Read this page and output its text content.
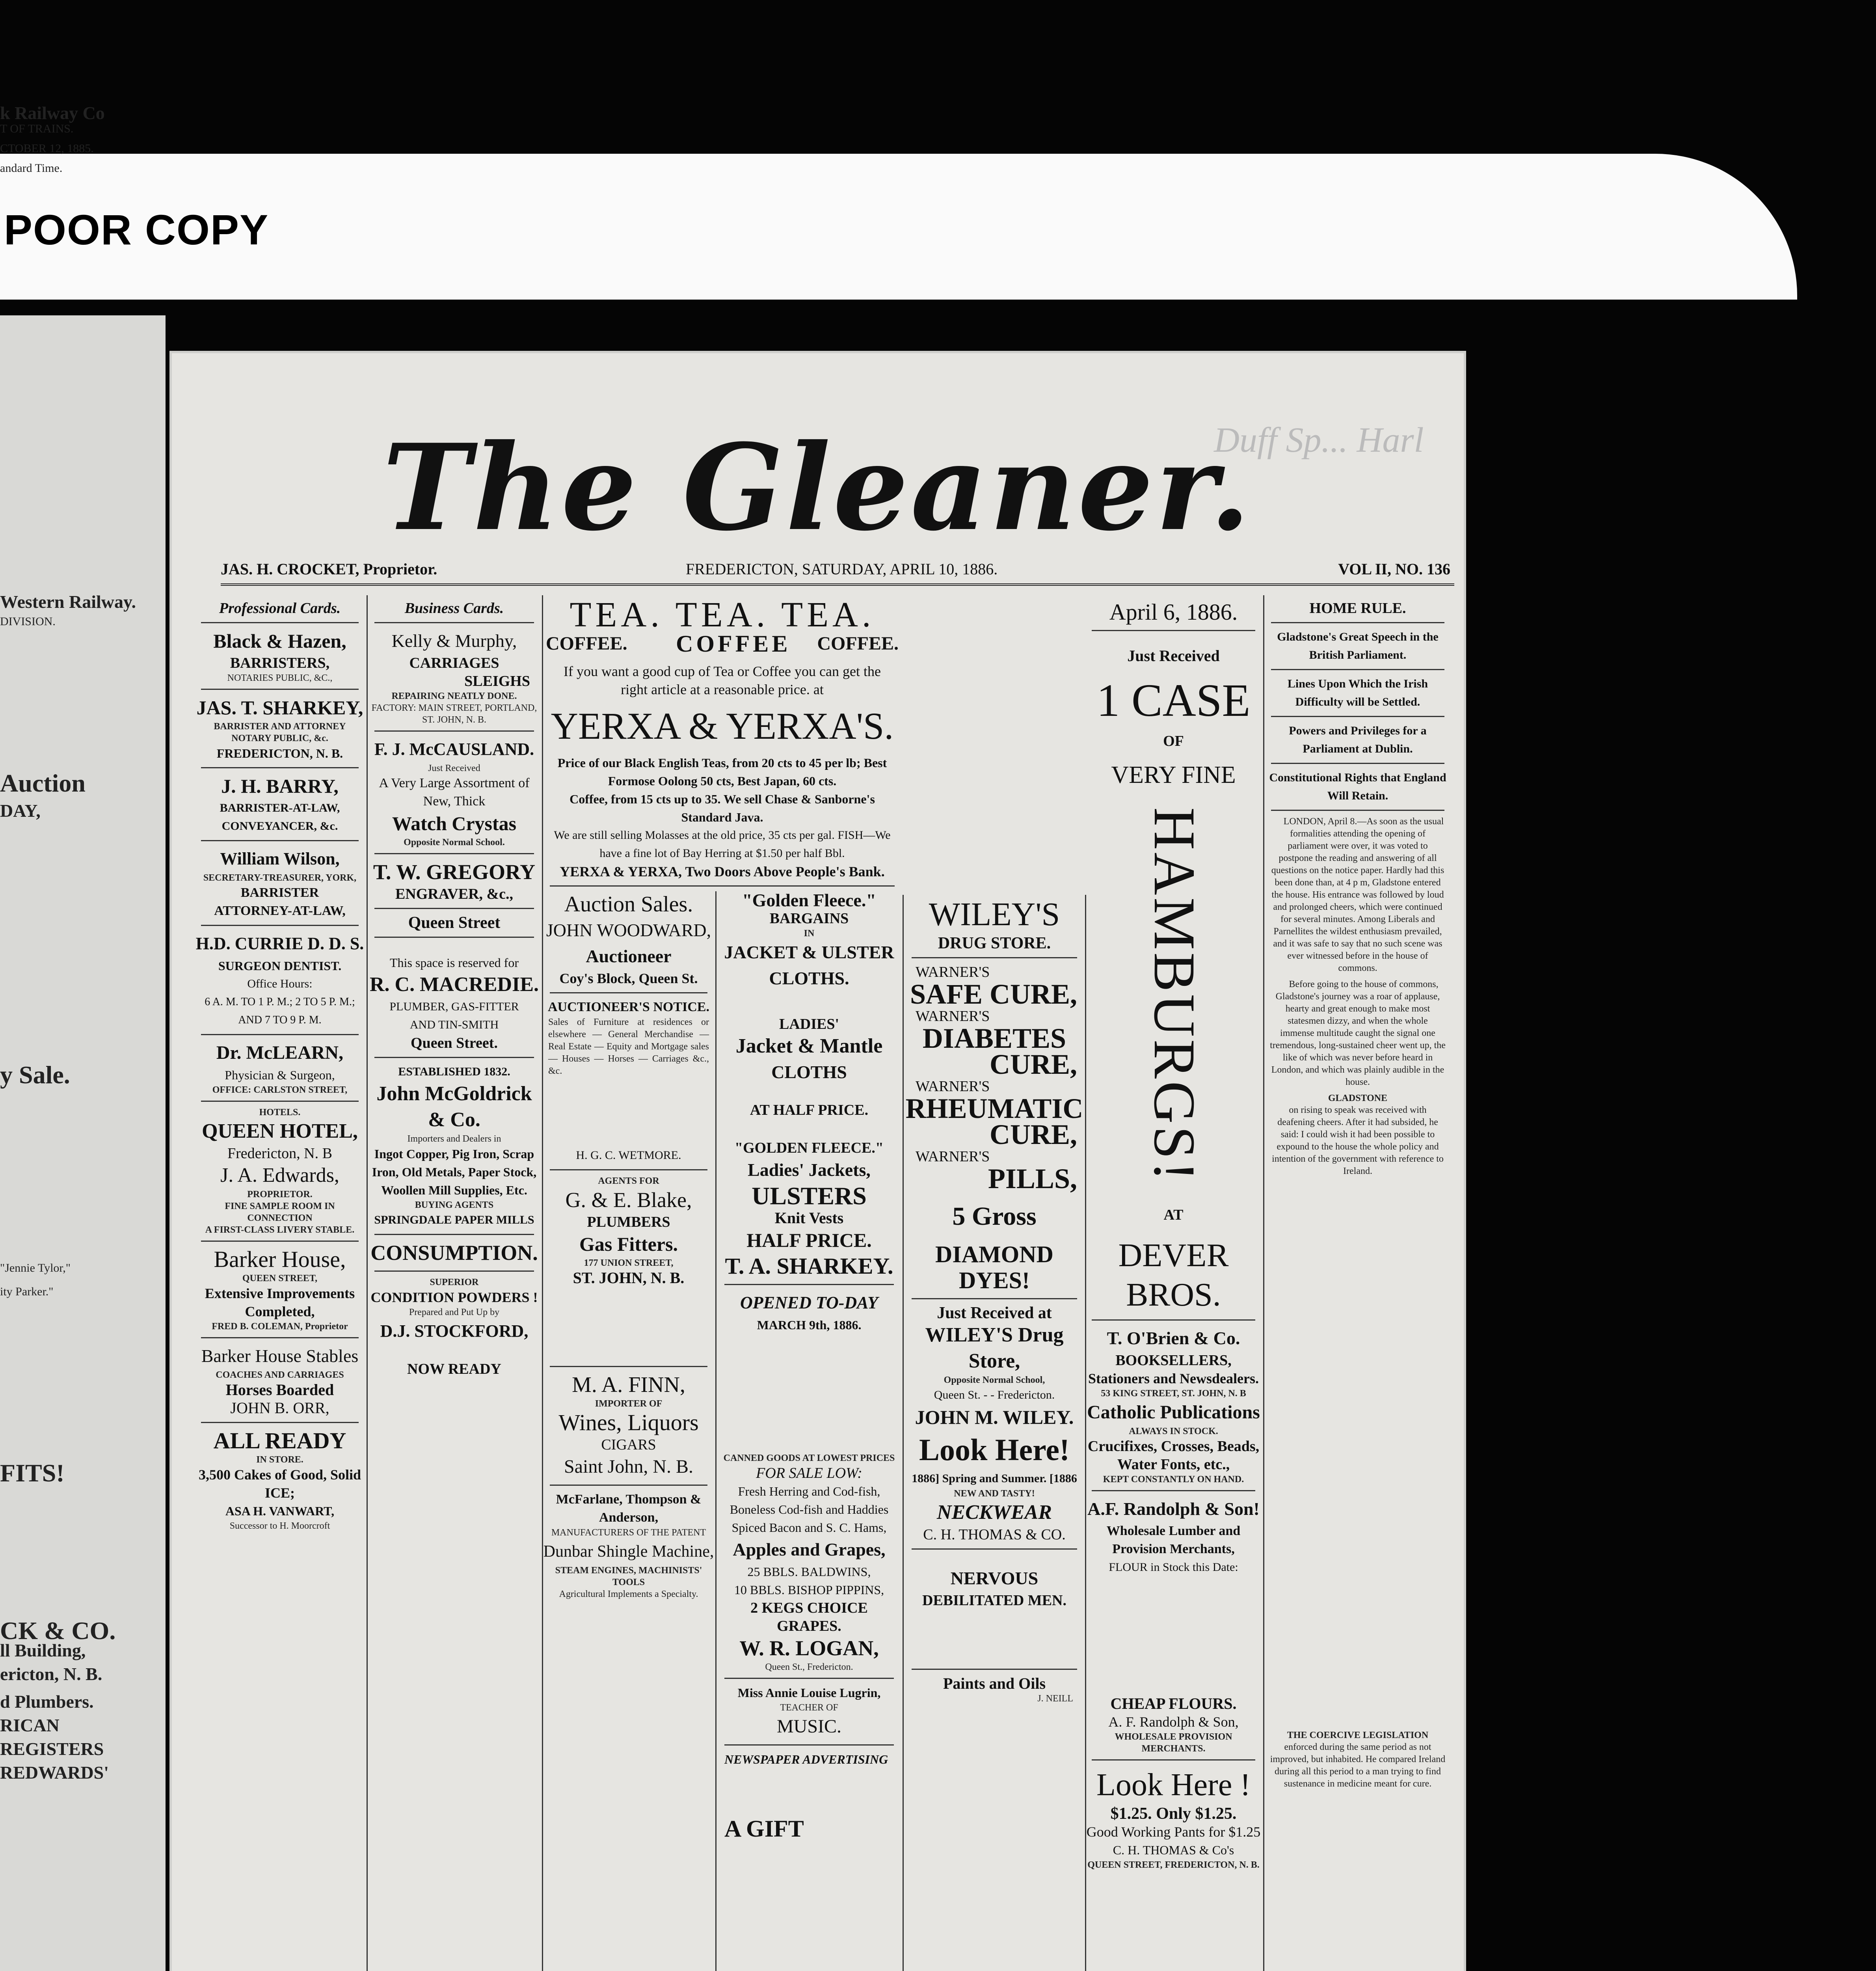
POOR COPY
k Railway Co
T OF TRAINS.
CTOBER 12, 1885.
andard Time.
Western Railway.
DIVISION.
Auction
DAY,
y Sale.
"Jennie Tylor,"
ity Parker."
FITS!
CK & CO.
ll Building,
ericton, N. B.
d Plumbers.
RICAN
REGISTERS
REDWARDS'
The Gleaner.
Duff Sp... Harl
JAS. H. CROCKET, Proprietor.	FREDERICTON, SATURDAY, APRIL 10, 1886.	VOL II, NO. 136
Professional Cards.
Black & Hazen,
BARRISTERS,
NOTARIES PUBLIC, &C.,
JAS. T. SHARKEY,
BARRISTER AND ATTORNEY
NOTARY PUBLIC, &c.
FREDERICTON, N. B.
J. H. BARRY,
BARRISTER-AT-LAW,
CONVEYANCER, &c.
William Wilson,
SECRETARY-TREASURER, YORK,
BARRISTER
ATTORNEY-AT-LAW,
H.D. CURRIE D. D. S.
SURGEON DENTIST.
Office Hours:
6 A. M. TO 1 P. M.; 2 TO 5 P. M.; AND 7 TO 9 P. M.
Dr. McLEARN,
Physician & Surgeon,
OFFICE: CARLSTON STREET,
HOTELS.
QUEEN HOTEL,
Fredericton, N. B
J. A. Edwards,
PROPRIETOR.
FINE SAMPLE ROOM IN CONNECTION
A FIRST-CLASS LIVERY STABLE.
Barker House,
QUEEN STREET,
Extensive Improvements
Completed,
FRED B. COLEMAN, Proprietor
Barker House Stables
COACHES AND CARRIAGES
Horses Boarded
JOHN B. ORR,
ALL READY
IN STORE.
3,500 Cakes of Good, Solid ICE;
ASA H. VANWART,
Successor to H. Moorcroft
Business Cards.
Kelly & Murphy,
CARRIAGES
SLEIGHS
REPAIRING NEATLY DONE.
FACTORY: MAIN STREET, PORTLAND, ST. JOHN, N. B.
F. J. McCAUSLAND.
Just Received
A Very Large Assortment of New, Thick
Watch Crystas
Opposite Normal School.
T. W. GREGORY
ENGRAVER, &c.,
Queen Street
This space is reserved for
R. C. MACREDIE.
PLUMBER, GAS-FITTER
AND TIN-SMITH
Queen Street.
ESTABLISHED 1832.
John McGoldrick
& Co.
Importers and Dealers in
Ingot Copper, Pig Iron, Scrap Iron, Old Metals, Paper Stock, Woollen Mill Supplies, Etc.
BUYING AGENTS
SPRINGDALE PAPER MILLS
CONSUMPTION.
SUPERIOR
CONDITION POWDERS !
Prepared and Put Up by
D.J. STOCKFORD,
NOW READY
TEA. TEA. TEA.
COFFEE. COFFEE COFFEE.
If you want a good cup of Tea or Coffee you can get the right article at a reasonable price. at
YERXA & YERXA'S.
Price of our Black English Teas, from 20 cts to 45 per lb; Best Formose Oolong 50 cts, Best Japan, 60 cts.
Coffee, from 15 cts up to 35. We sell Chase & Sanborne's Standard Java.
We are still selling Molasses at the old price, 35 cts per gal. FISH—We have a fine lot of Bay Herring at $1.50 per half Bbl.
YERXA & YERXA, Two Doors Above People's Bank.
Auction Sales.
JOHN WOODWARD,
Auctioneer
Coy's Block, Queen St.
AUCTIONEER'S NOTICE.
Sales of Furniture at residences or elsewhere — General Merchandise — Real Estate — Equity and Mortgage sales — Houses — Horses — Carriages &c., &c.
H. G. C. WETMORE.
AGENTS FOR
G. & E. Blake,
PLUMBERS
Gas Fitters.
177 UNION STREET,
ST. JOHN, N. B.
M. A. FINN,
IMPORTER OF
Wines, Liquors
CIGARS
Saint John, N. B.
McFarlane, Thompson & Anderson,
MANUFACTURERS OF THE PATENT
Dunbar Shingle Machine,
STEAM ENGINES, MACHINISTS' TOOLS
Agricultural Implements a Specialty.
"Golden Fleece."
BARGAINS
IN
JACKET & ULSTER
CLOTHS.
LADIES'
Jacket & Mantle
CLOTHS
AT HALF PRICE.
"GOLDEN FLEECE."
Ladies' Jackets,
ULSTERS
Knit Vests
HALF PRICE.
T. A. SHARKEY.
OPENED TO-DAY
MARCH 9th, 1886.
CANNED GOODS AT LOWEST PRICES
FOR SALE LOW:
Fresh Herring and Cod-fish, Boneless Cod-fish and Haddies Spiced Bacon and S. C. Hams,
Apples and Grapes,
25 BBLS. BALDWINS,
10 BBLS. BISHOP PIPPINS,
2 KEGS CHOICE GRAPES.
W. R. LOGAN,
Queen St., Fredericton.
Miss Annie Louise Lugrin,
TEACHER OF
MUSIC.
NEWSPAPER ADVERTISING
A GIFT
WILEY'S
DRUG STORE.
WARNER'S
SAFE CURE,
WARNER'S
DIABETES
CURE,
WARNER'S
RHEUMATIC
CURE,
WARNER'S
PILLS,
5 Gross
DIAMOND DYES!
Just Received at
WILEY'S Drug Store,
Opposite Normal School,
Queen St. - - Fredericton.
JOHN M. WILEY.
Look Here!
1886] Spring and Summer. [1886
NEW AND TASTY!
NECKWEAR
C. H. THOMAS & CO.
NERVOUS
DEBILITATED MEN.
Paints and Oils
J. NEILL
April 6, 1886.
Just Received
1 CASE
OF
VERY FINE
HAMBURGS!
AT
DEVER BROS.
T. O'Brien & Co.
BOOKSELLERS,
Stationers and Newsdealers.
53 KING STREET, ST. JOHN, N. B
Catholic Publications
ALWAYS IN STOCK.
Crucifixes, Crosses, Beads, Water Fonts, etc.,
KEPT CONSTANTLY ON HAND.
A.F. Randolph & Son!
Wholesale Lumber and Provision Merchants,
FLOUR in Stock this Date:
CHEAP FLOURS.
A. F. Randolph & Son,
WHOLESALE PROVISION MERCHANTS.
Look Here !
$1.25. Only $1.25.
Good Working Pants for $1.25
C. H. THOMAS & Co's
QUEEN STREET, FREDERICTON, N. B.
HOME RULE.
Gladstone's Great Speech in the British Parliament.
Lines Upon Which the Irish Difficulty will be Settled.
Powers and Privileges for a Parliament at Dublin.
Constitutional Rights that England Will Retain.
LONDON, April 8.—As soon as the usual formalities attending the opening of parliament were over, it was voted to postpone the reading and answering of all questions on the notice paper. Hardly had this been done than, at 4 p m, Gladstone entered the house. His entrance was followed by loud and prolonged cheers, which were continued for several minutes. Among Liberals and Parnellites the wildest enthusiasm prevailed, and it was safe to say that no such scene was ever witnessed before in the house of commons.
Before going to the house of commons, Gladstone's journey was a roar of applause, hearty and great enough to make most statesmen dizzy, and when the whole immense multitude caught the signal one tremendous, long-sustained cheer went up, the like of which was never before heard in London, and which was plainly audible in the house.
GLADSTONE
on rising to speak was received with deafening cheers. After it had subsided, he said: I could wish it had been possible to expound to the house the whole policy and intention of the government with reference to Ireland.
THE COERCIVE LEGISLATION
enforced during the same period as not improved, but inhabited. He compared Ireland during all this period to a man trying to find sustenance in medicine meant for cure.
